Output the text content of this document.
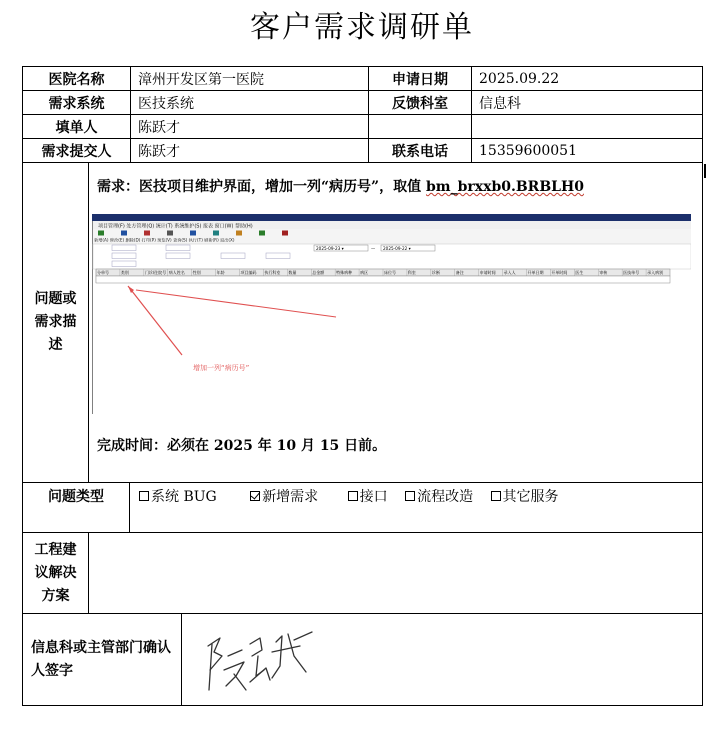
客户需求调研单
医院名称	漳州开发区第一医院	申请日期	2025.09.22
需求系统	医技系统	反馈科室	信息科
填单人	陈跃才
需求提交人	陈跃才	联系电话	15359600051
问题或需求描述
需求：医技项目维护界面，增加一列“病历号”，取值 bm_brxxb0.BRBLH0
完成时间：必须在 2025 年 10 月 15 日前。
问题类型	系统 BUG
	新增需求
	接口
流程改造
其它服务
工程建议解决方案
信息科或主管部门确认人签字
项目管理(F) 处方管理(Q) 统计(T) 系统维护(S) 报表 窗口(W) 帮助(H)
新增(A) 修改(E) 删除(D) 打印(P) 预览(V) 查询(S) 执行(T) 刷新(R) 退出(X)
2025-09-23 ▾	— 2025-09-22 ▾
分单号	类别	门诊/住院号 病人姓名 性别	年龄	项目编码 执行科室 数量	总金额	特殊病种 病区	床位号	科室	诊断	备注	申请时间 录入人	开单日期 开单时间 医生	审核	医技单号 录入病别
增加一列“病历号”
